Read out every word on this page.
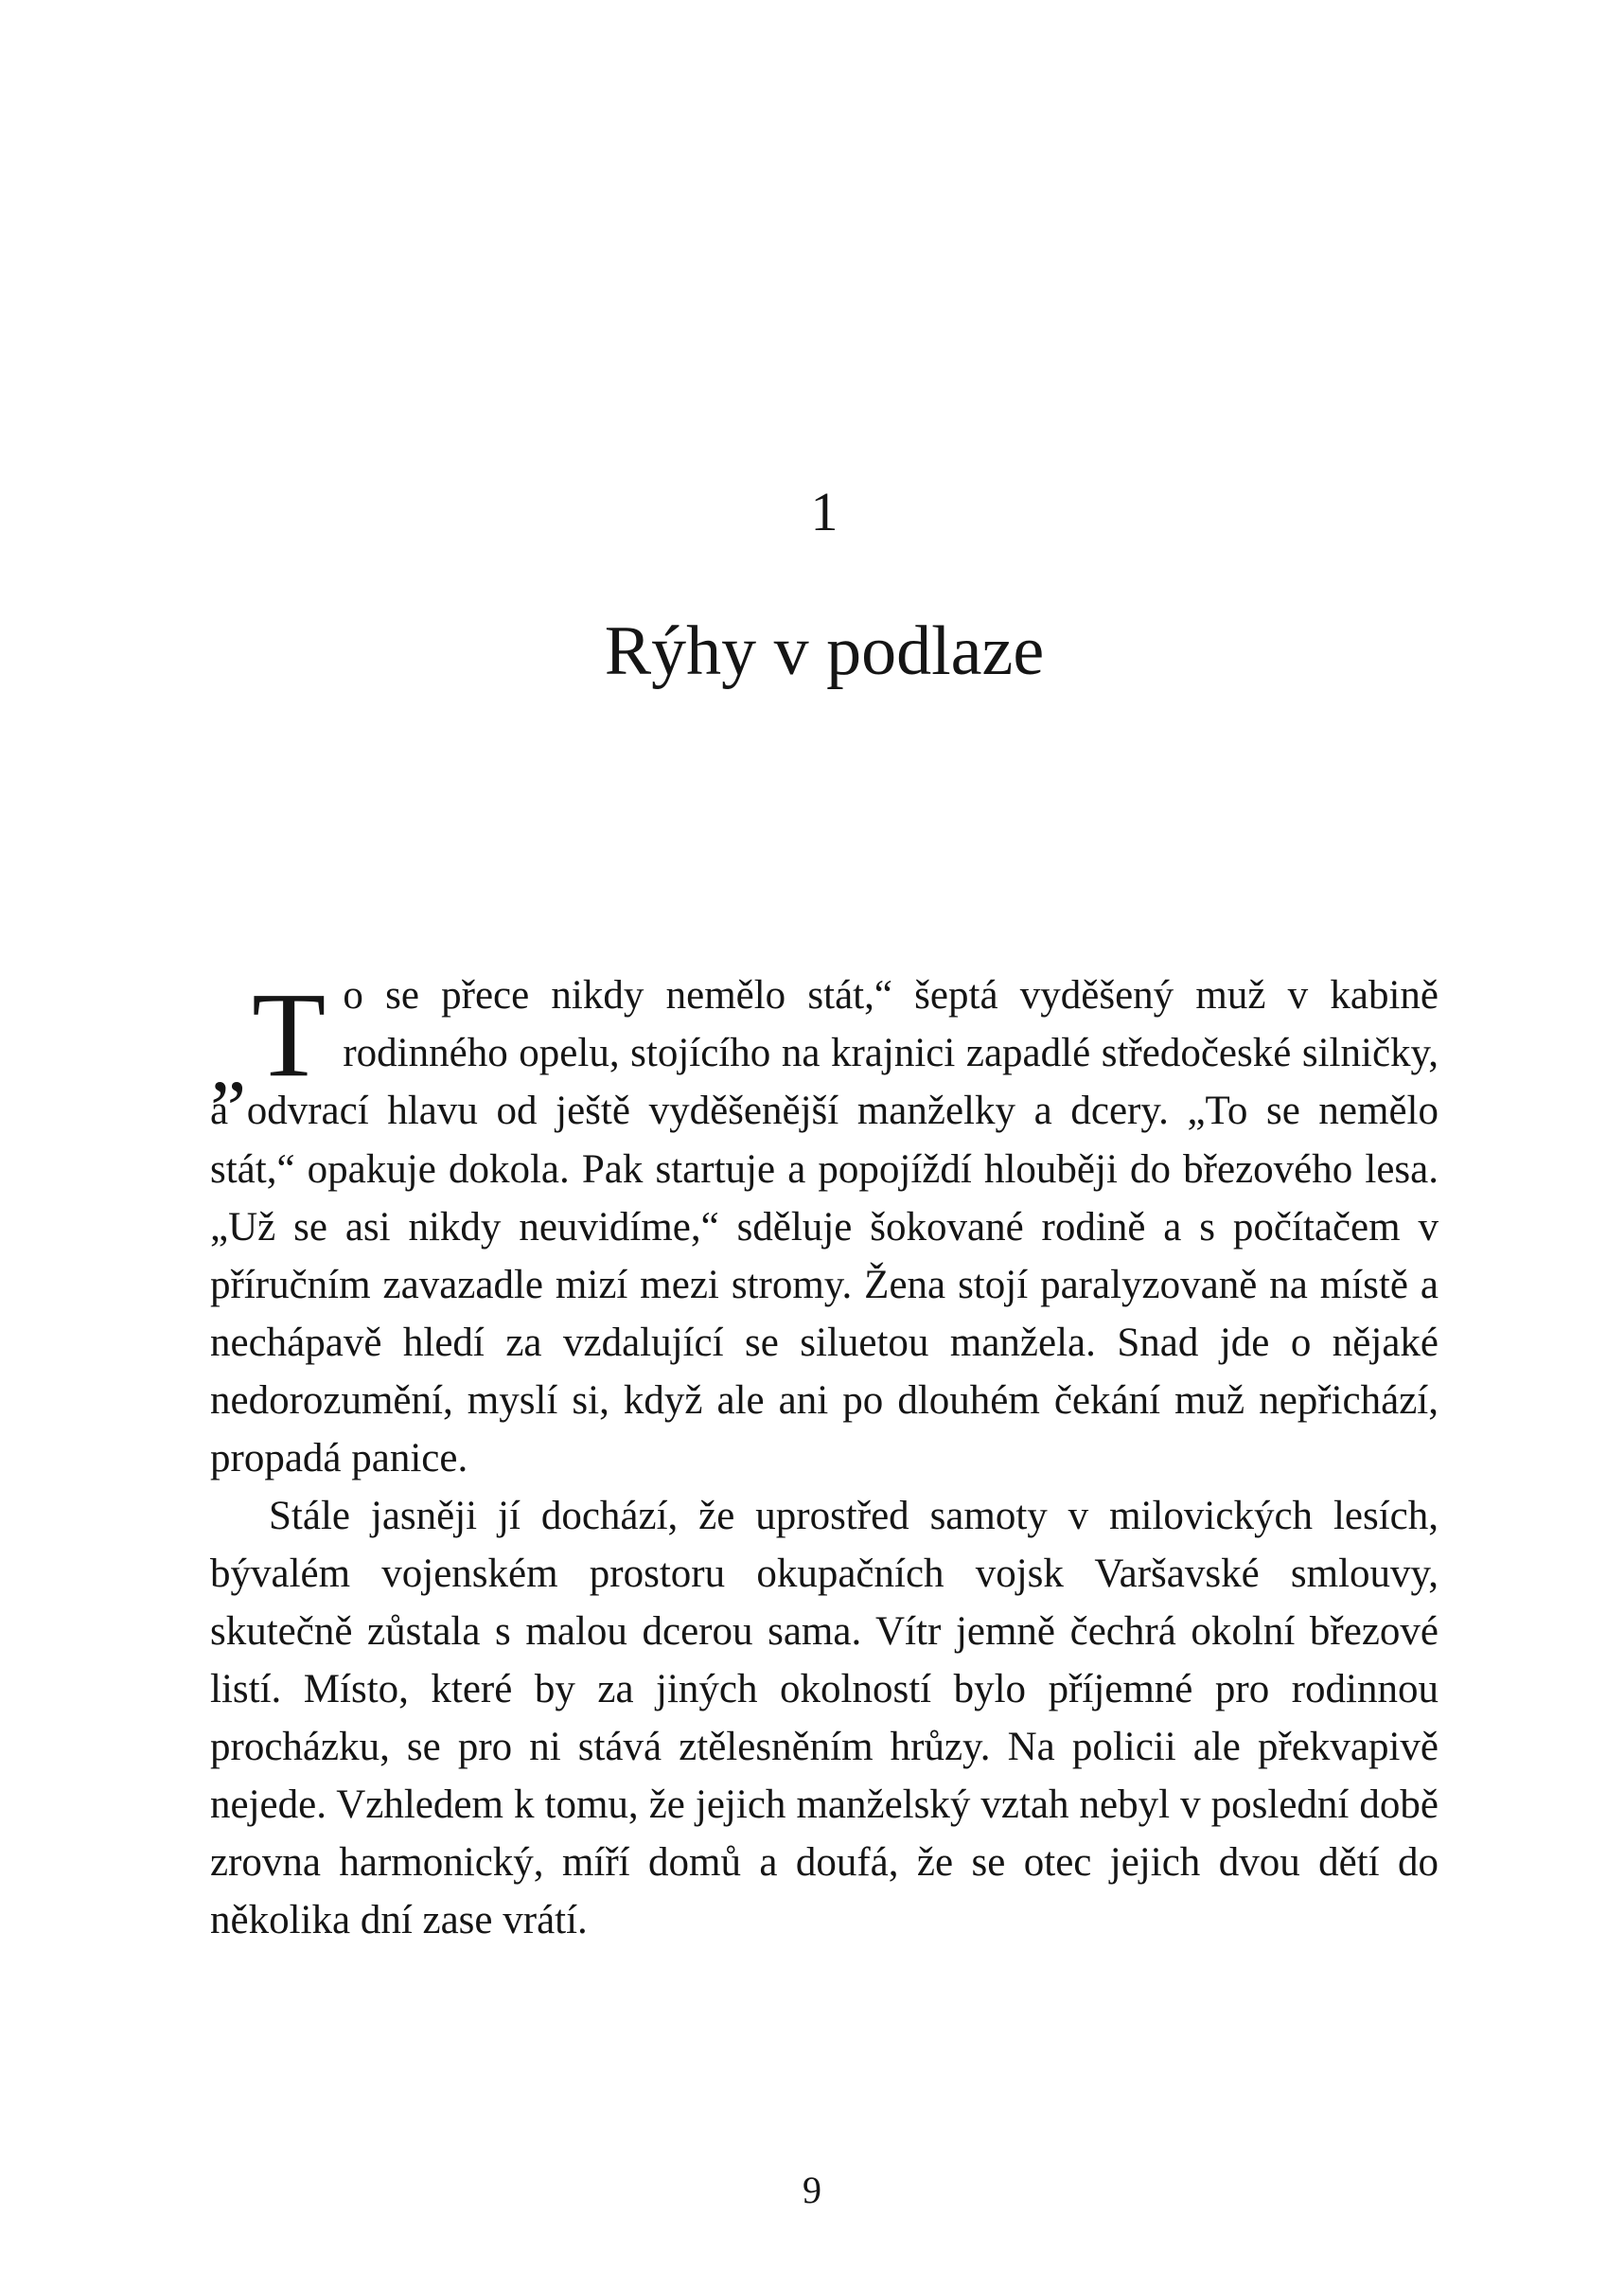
1
Rýhy v podlaze

„ T o se přece nikdy nemělo stát,“ šeptá vyděšený muž v kabině rodinného opelu, stojícího na krajnici zapadlé středočeské silničky, a odvrací hlavu od ještě vyděšenější manželky a dcery. „To se nemělo stát,“ opakuje dokola. Pak startuje a popojíždí hlouběji do březového lesa. „Už se asi nikdy neuvidíme,“ sděluje šokované rodině a s počítačem v příručním zavazadle mizí mezi stromy. Žena stojí paralyzovaně na místě a nechápavě hledí za vzdalující se siluetou manžela. Snad jde o nějaké nedorozumění, myslí si, když ale ani po dlouhém čekání muž nepřichází, propadá panice.

Stále jasněji jí dochází, že uprostřed samoty v milovických lesích, bývalém vojenském prostoru okupačních vojsk Varšavské smlouvy, skutečně zůstala s malou dcerou sama. Vítr jemně čechrá okolní březové listí. Místo, které by za jiných okolností bylo příjemné pro rodinnou procházku, se pro ni stává ztělesněním hrůzy. Na policii ale překvapivě nejede. Vzhledem k tomu, že jejich manželský vztah nebyl v poslední době zrovna harmonický, míří domů a doufá, že se otec jejich dvou dětí do několika dní zase vrátí.

9
